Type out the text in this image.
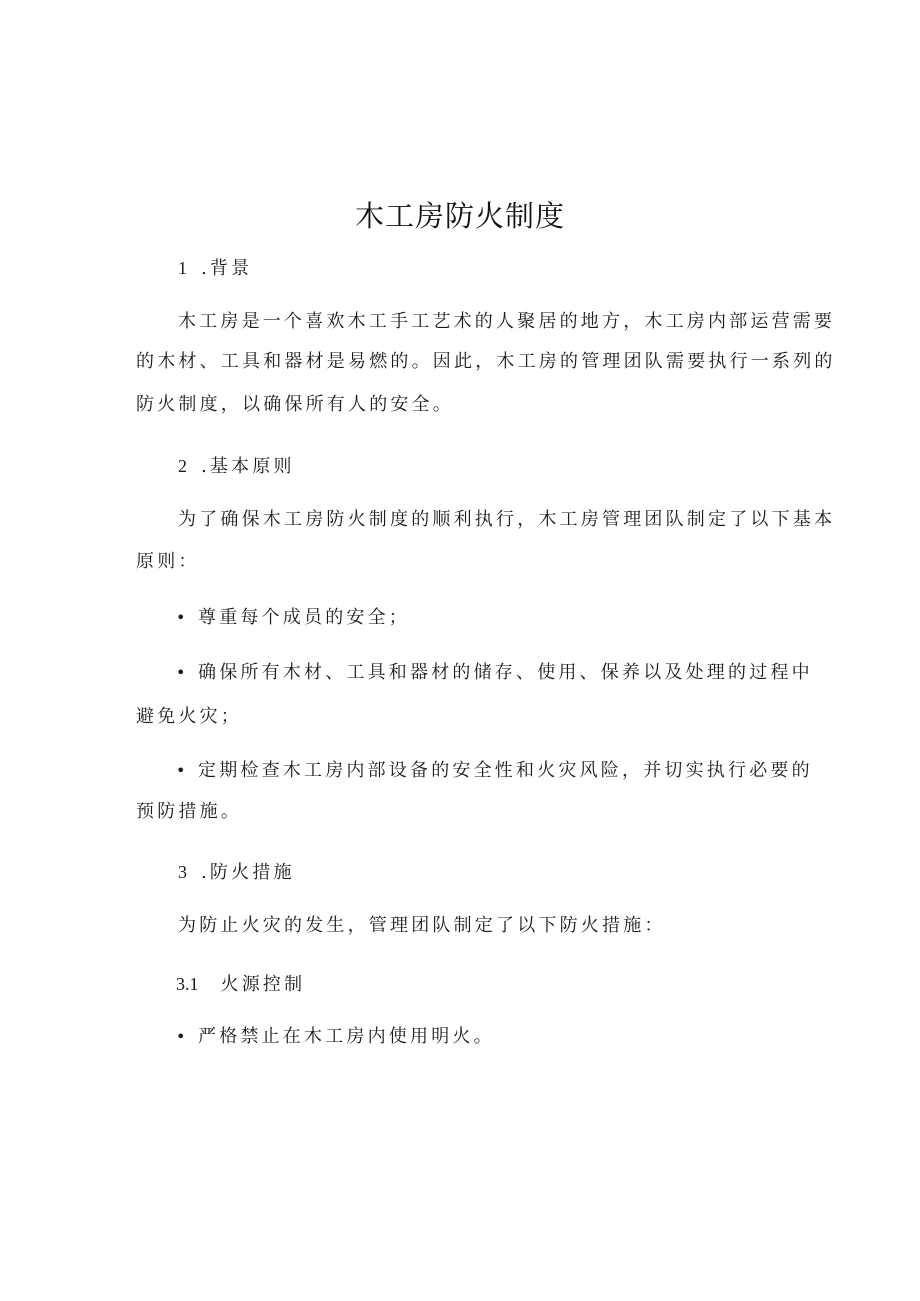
木工房防火制度
1 .背景
木工房是一个喜欢木工手工艺术的人聚居的地方，木工房内部运营需要
的木材、工具和器材是易燃的。因此，木工房的管理团队需要执行一系列的
防火制度，以确保所有人的安全。
2 .基本原则
为了确保木工房防火制度的顺利执行，木工房管理团队制定了以下基本
原则：
• 尊重每个成员的安全；
• 确保所有木材、工具和器材的储存、使用、保养以及处理的过程中
避免火灾；
• 定期检查木工房内部设备的安全性和火灾风险，并切实执行必要的
预防措施。
3 .防火措施
为防止火灾的发生，管理团队制定了以下防火措施：
3.1 火源控制
• 严格禁止在木工房内使用明火。
